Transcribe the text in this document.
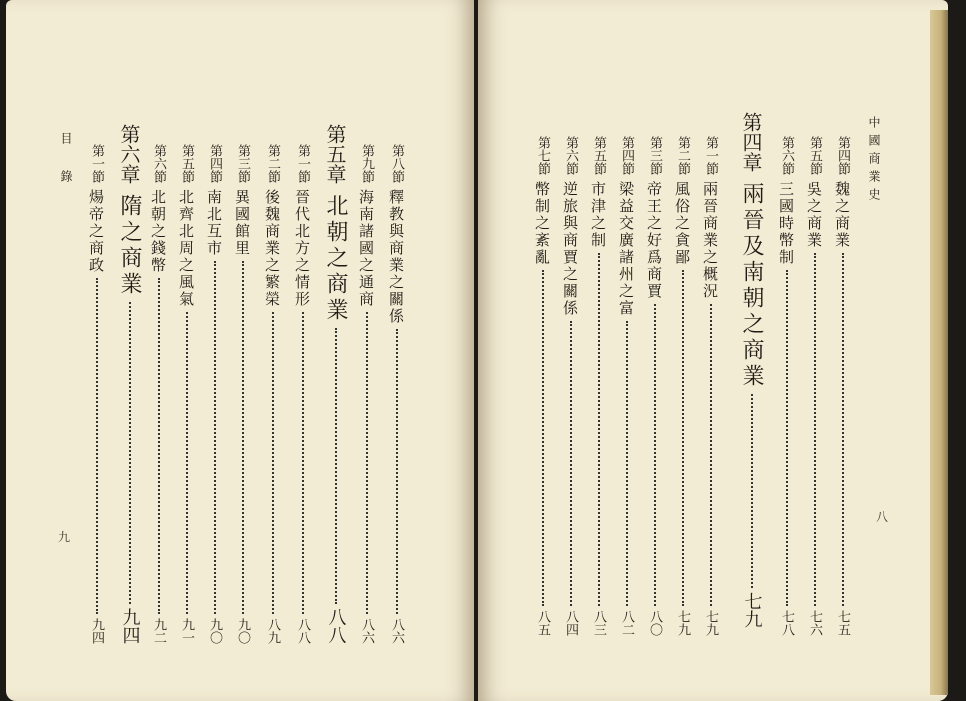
目 錄
九
第八節
釋教與商業之關係
八六
第九節
海南諸國之通商
八六
第五章
北朝之商業
八八
第一節
晉代北方之情形
八八
第二節
後魏商業之繁榮
八九
第三節
異國館里
九〇
第四節
南北互市
九〇
第五節
北齊北周之風氣
九一
第六節
北朝之錢幣
九二
第六章
隋之商業
九四
第一節
煬帝之商政
九四
中國商業史
八
第四節
魏之商業
七五
第五節
吳之商業
七六
第六節
三國時幣制
七八
第四章
兩晉及南朝之商業
七九
第一節
兩晉商業之概況
七九
第二節
風俗之貪鄙
七九
第三節
帝王之好爲商賈
八〇
第四節
梁益交廣諸州之富
八二
第五節
市津之制
八三
第六節
逆旅與商賈之關係
八四
第七節
幣制之紊亂
八五
